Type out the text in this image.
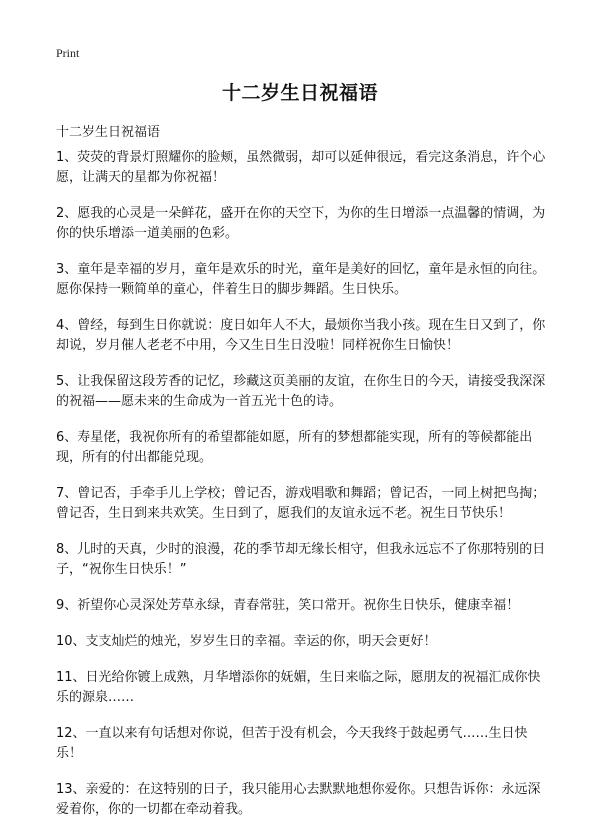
Print
十二岁生日祝福语

十二岁生日祝福语

1、荧荧的背景灯照耀你的脸颊，虽然微弱，却可以延伸很远，看完这条消息，许个心愿，让满天的星都为你祝福！

2、愿我的心灵是一朵鲜花，盛开在你的天空下，为你的生日增添一点温馨的情调，为你的快乐增添一道美丽的色彩。

3、童年是幸福的岁月，童年是欢乐的时光，童年是美好的回忆，童年是永恒的向往。愿你保持一颗简单的童心，伴着生日的脚步舞蹈。生日快乐。

4、曾经，每到生日你就说：度日如年人不大，最烦你当我小孩。现在生日又到了，你却说，岁月催人老老不中用，今又生日生日没啦！同样祝你生日愉快！

5、让我保留这段芳香的记忆，珍藏这页美丽的友谊，在你生日的今天，请接受我深深的祝福——愿未来的生命成为一首五光十色的诗。

6、寿星佬，我祝你所有的希望都能如愿，所有的梦想都能实现，所有的等候都能出现，所有的付出都能兑现。

7、曾记否，手牵手儿上学校；曾记否，游戏唱歌和舞蹈；曾记否，一同上树把鸟掏；曾记否，生日到来共欢笑。生日到了，愿我们的友谊永远不老。祝生日节快乐！

8、儿时的天真，少时的浪漫，花的季节却无缘长相守，但我永远忘不了你那特别的日子，“祝你生日快乐！”

9、祈望你心灵深处芳草永绿，青春常驻，笑口常开。祝你生日快乐，健康幸福！

10、支支灿烂的烛光，岁岁生日的幸福。幸运的你，明天会更好！

11、日光给你镀上成熟，月华增添你的妩媚，生日来临之际，愿朋友的祝福汇成你快乐的源泉……

12、一直以来有句话想对你说，但苦于没有机会，今天我终于鼓起勇气……生日快乐！

13、亲爱的：在这特别的日子，我只能用心去默默地想你爱你。只想告诉你：永远深爱着你，你的一切都在牵动着我。
